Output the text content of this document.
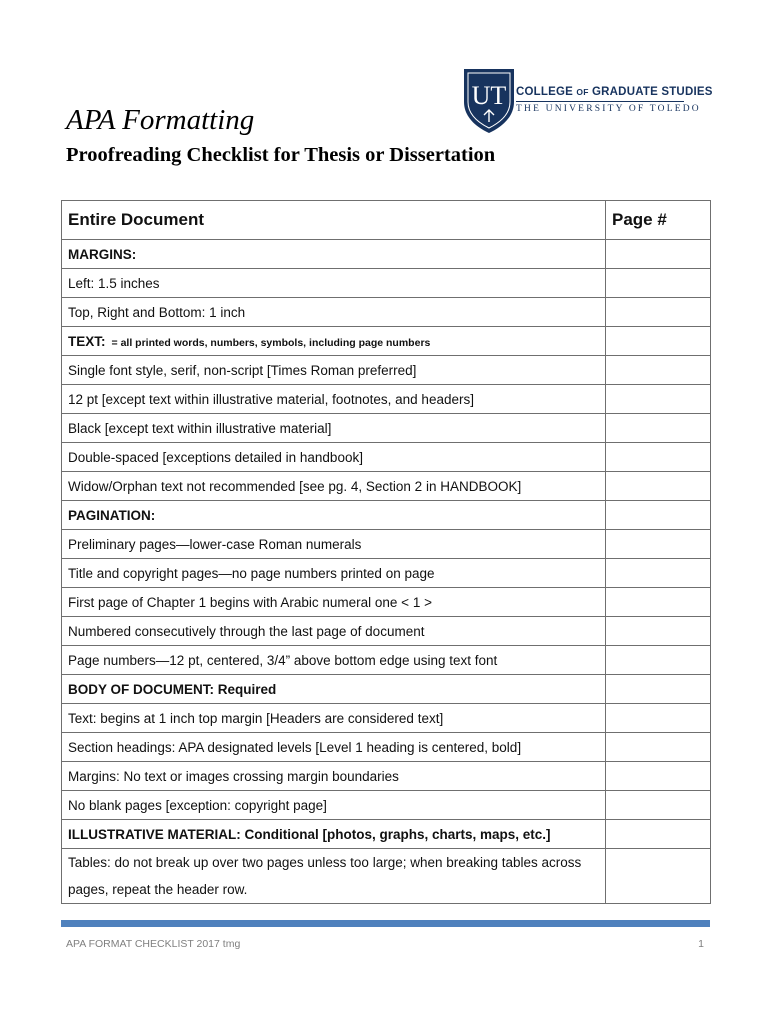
UT COLLEGE OF GRADUATE STUDIES
THE UNIVERSITY OF TOLEDO
APA Formatting
Proofreading Checklist for Thesis or Dissertation
Entire Document	Page #
MARGINS:	
Left: 1.5 inches	
Top, Right and Bottom: 1 inch	
TEXT: = all printed words, numbers, symbols, including page numbers	
Single font style, serif, non-script [Times Roman preferred]	
12 pt [except text within illustrative material, footnotes, and headers]	
Black [except text within illustrative material]	
Double-spaced [exceptions detailed in handbook]	
Widow/Orphan text not recommended [see pg. 4, Section 2 in HANDBOOK]	
PAGINATION:	
Preliminary pages—lower-case Roman numerals	
Title and copyright pages—no page numbers printed on page	
First page of Chapter 1 begins with Arabic numeral one < 1 >	
Numbered consecutively through the last page of document	
Page numbers—12 pt, centered, 3/4” above bottom edge using text font	
BODY OF DOCUMENT: Required	
Text: begins at 1 inch top margin [Headers are considered text]	
Section headings: APA designated levels [Level 1 heading is centered, bold]	
Margins: No text or images crossing margin boundaries	
No blank pages [exception: copyright page]	
ILLUSTRATIVE MATERIAL: Conditional [photos, graphs, charts, maps, etc.]	
Tables: do not break up over two pages unless too large; when breaking tables across pages, repeat the header row.	
APA FORMAT CHECKLIST 2017 tmg	1
